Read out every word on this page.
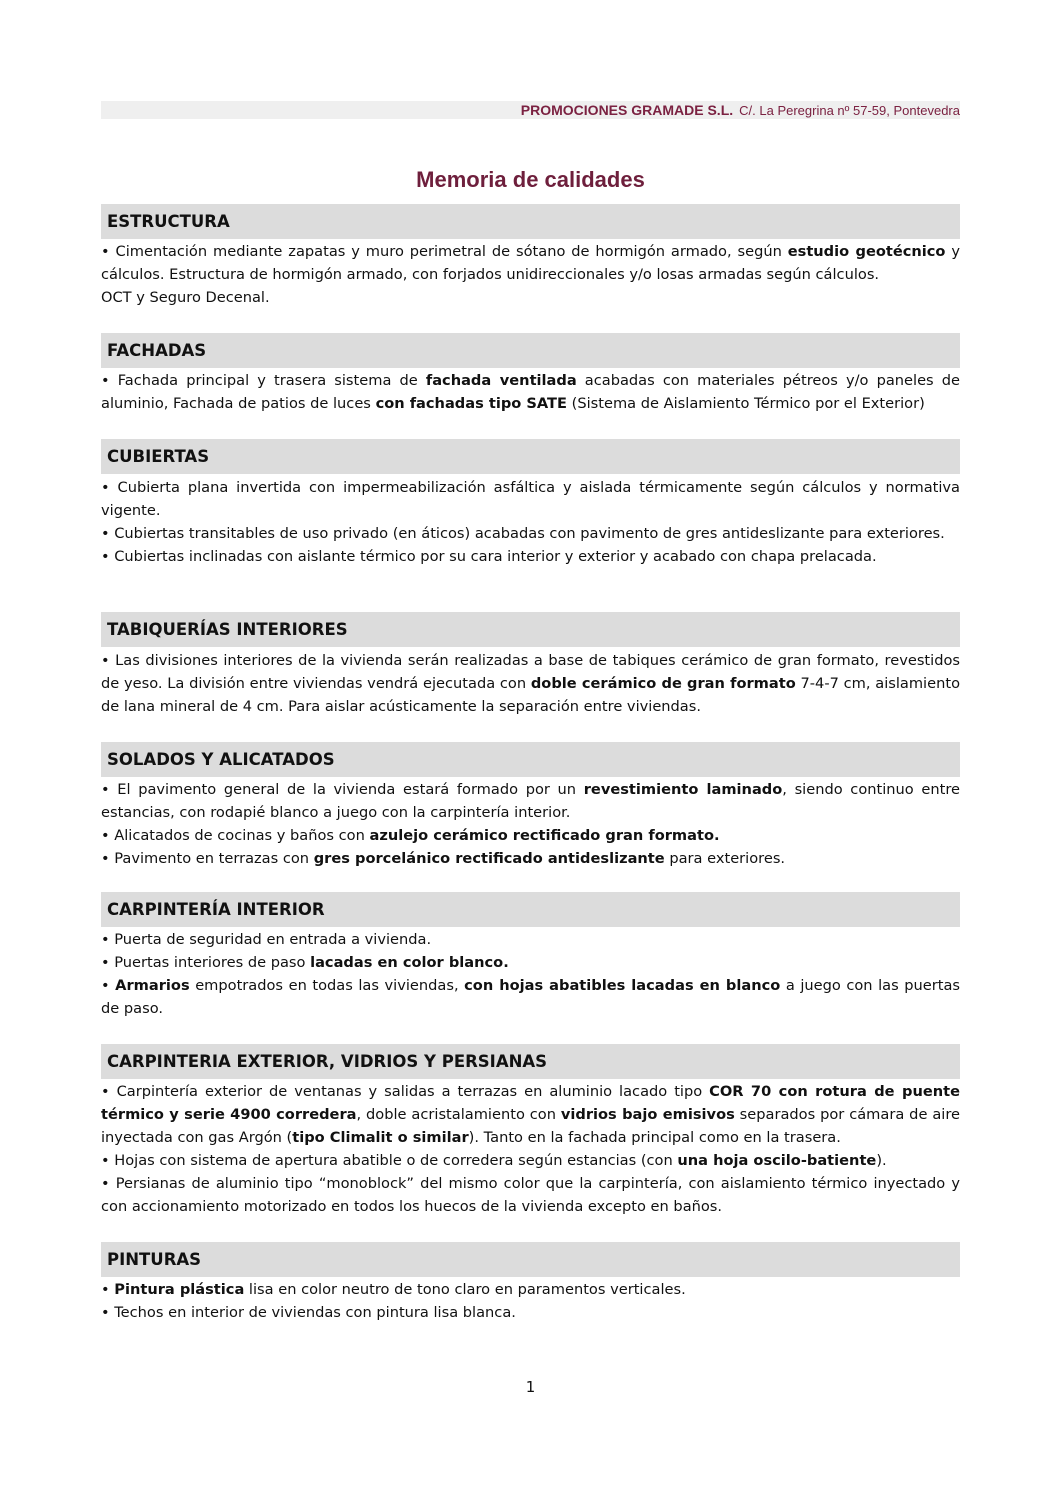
PROMOCIONES GRAMADE S.L. C/. La Peregrina nº 57-59, Pontevedra
Memoria de calidades
ESTRUCTURA

• Cimentación mediante zapatas y muro perimetral de sótano de hormigón armado, según estudio geotécnico y cálculos. Estructura de hormigón armado, con forjados unidireccionales y/o losas armadas según cálculos.

OCT y Seguro Decenal.

FACHADAS

• Fachada principal y trasera sistema de fachada ventilada acabadas con materiales pétreos y/o paneles de aluminio, Fachada de patios de luces con fachadas tipo SATE (Sistema de Aislamiento Térmico por el Exterior)

CUBIERTAS

• Cubierta plana invertida con impermeabilización asfáltica y aislada térmicamente según cálculos y normativa vigente.

• Cubiertas transitables de uso privado (en áticos) acabadas con pavimento de gres antideslizante para exteriores.

• Cubiertas inclinadas con aislante térmico por su cara interior y exterior y acabado con chapa prelacada.

TABIQUERÍAS INTERIORES

• Las divisiones interiores de la vivienda serán realizadas a base de tabiques cerámico de gran formato, revestidos de yeso. La división entre viviendas vendrá ejecutada con doble cerámico de gran formato 7-4-7 cm, aislamiento de lana mineral de 4 cm. Para aislar acústicamente la separación entre viviendas.

SOLADOS Y ALICATADOS

• El pavimento general de la vivienda estará formado por un revestimiento laminado, siendo continuo entre estancias, con rodapié blanco a juego con la carpintería interior.

• Alicatados de cocinas y baños con azulejo cerámico rectificado gran formato.

• Pavimento en terrazas con gres porcelánico rectificado antideslizante para exteriores.

CARPINTERÍA INTERIOR

• Puerta de seguridad en entrada a vivienda.

• Puertas interiores de paso lacadas en color blanco.

• Armarios empotrados en todas las viviendas, con hojas abatibles lacadas en blanco a juego con las puertas de paso.

CARPINTERIA EXTERIOR, VIDRIOS Y PERSIANAS

• Carpintería exterior de ventanas y salidas a terrazas en aluminio lacado tipo COR 70 con rotura de puente térmico y serie 4900 corredera, doble acristalamiento con vidrios bajo emisivos separados por cámara de aire inyectada con gas Argón (tipo Climalit o similar). Tanto en la fachada principal como en la trasera.

• Hojas con sistema de apertura abatible o de corredera según estancias (con una hoja oscilo-batiente).

• Persianas de aluminio tipo “monoblock” del mismo color que la carpintería, con aislamiento térmico inyectado y con accionamiento motorizado en todos los huecos de la vivienda excepto en baños.

PINTURAS

• Pintura plástica lisa en color neutro de tono claro en paramentos verticales.

• Techos en interior de viviendas con pintura lisa blanca.

1
